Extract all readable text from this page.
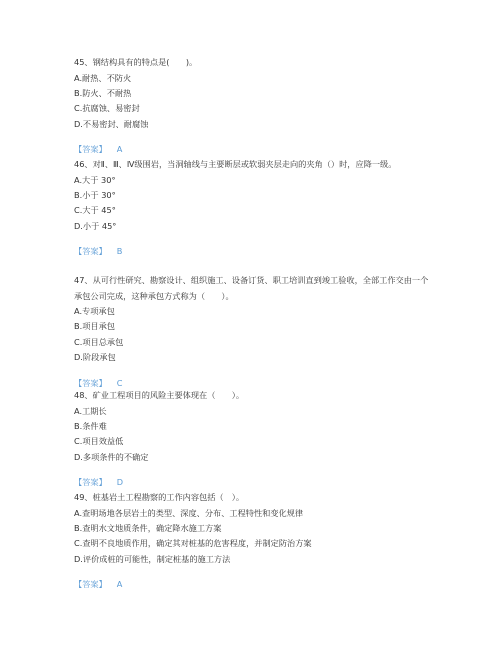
45、钢结构具有的特点是(　　)。

A.耐热、不防火

B.防火、不耐热

C.抗腐蚀、易密封

D.不易密封、耐腐蚀

【答案】 A

46、对Ⅱ、Ⅲ、Ⅳ级围岩，当洞轴线与主要断层或软弱夹层走向的夹角（）时，应降一级。

A.大于 30°

B.小于 30°

C.大于 45°

D.小于 45°

【答案】 B

47、从可行性研究、勘察设计、组织施工、设备订货、职工培训直到竣工验收，全部工作交由一个承包公司完成，这种承包方式称为（　　）。

A.专项承包

B.项目承包

C.项目总承包

D.阶段承包

【答案】 C

48、矿业工程项目的风险主要体现在（　　）。

A.工期长

B.条件难

C.项目效益低

D.多项条件的不确定

【答案】 D

49、桩基岩土工程勘察的工作内容包括（　）。

A.查明场地各层岩土的类型、深度、分布、工程特性和变化规律

B.查明水文地质条件，确定降水施工方案

C.查明不良地质作用，确定其对桩基的危害程度，并制定防治方案

D.评价成桩的可能性，制定桩基的施工方法

【答案】 A
